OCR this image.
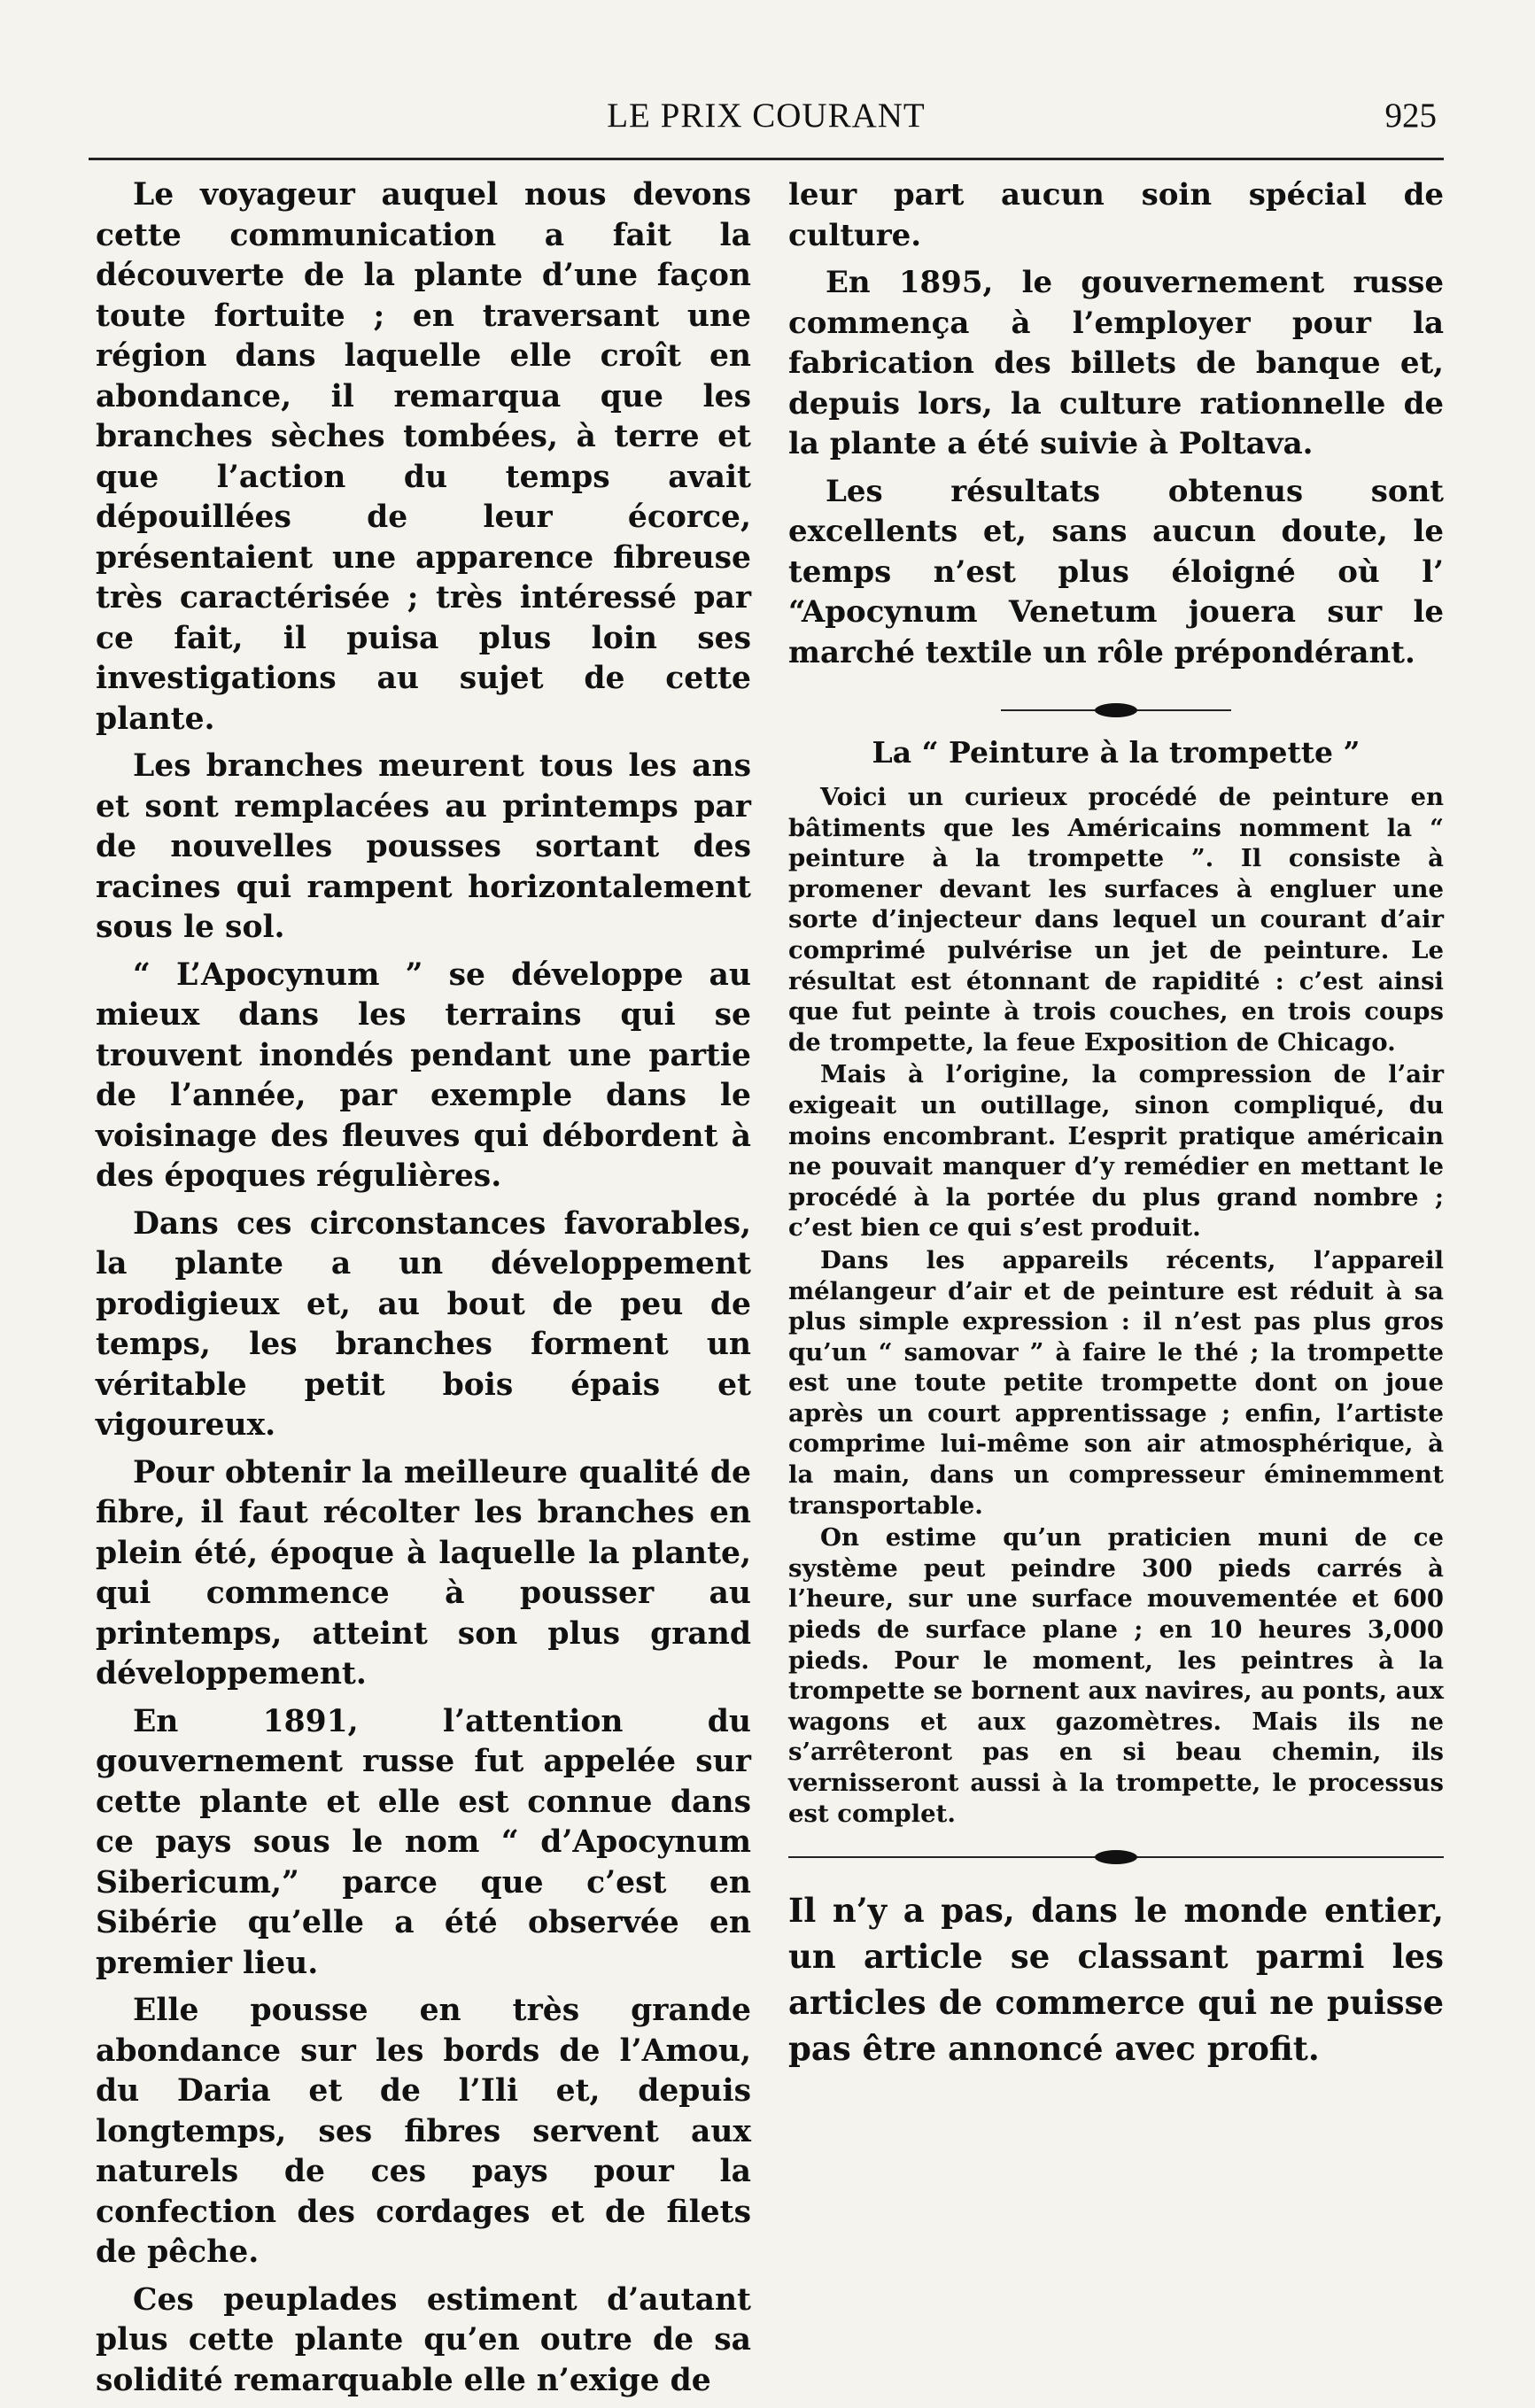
LE PRIX COURANT	925

Le voyageur auquel nous devons cette communication a fait la découverte de la plante d’une façon toute fortuite ; en traversant une région dans laquelle elle croît en abondance, il remarqua que les branches sèches tombées, à terre et que l’action du temps avait dépouillées de leur écorce, présentaient une apparence fibreuse très caractérisée ; très intéressé par ce fait, il puisa plus loin ses investigations au sujet de cette plante.

Les branches meurent tous les ans et sont remplacées au printemps par de nouvelles pousses sortant des racines qui rampent horizontalement sous le sol.

“ L’Apocynum ” se développe au mieux dans les terrains qui se trouvent inondés pendant une partie de l’année, par exemple dans le voisinage des fleuves qui débordent à des époques régulières.

Dans ces circonstances favorables, la plante a un développement prodigieux et, au bout de peu de temps, les branches forment un véritable petit bois épais et vigoureux.

Pour obtenir la meilleure qualité de fibre, il faut récolter les branches en plein été, époque à laquelle la plante, qui commence à pousser au printemps, atteint son plus grand développement.

En 1891, l’attention du gouvernement russe fut appelée sur cette plante et elle est connue dans ce pays sous le nom “ d’Apocynum Sibericum,” parce que c’est en Sibérie qu’elle a été observée en premier lieu.

Elle pousse en très grande abondance sur les bords de l’Amou, du Daria et de l’Ili et, depuis longtemps, ses fibres servent aux naturels de ces pays pour la confection des cordages et de filets de pêche.

Ces peuplades estiment d’autant plus cette plante qu’en outre de sa solidité remarquable elle n’exige de

leur part aucun soin spécial de culture.

En 1895, le gouvernement russe commença à l’employer pour la fabrication des billets de banque et, depuis lors, la culture rationnelle de la plante a été suivie à Poltava.

Les résultats obtenus sont excellents et, sans aucun doute, le temps n’est plus éloigné où l’ “Apocynum Venetum jouera sur le marché textile un rôle prépondérant.

La “ Peinture à la trompette ”

Voici un curieux procédé de peinture en bâtiments que les Américains nomment la “ peinture à la trompette ”. Il consiste à promener devant les surfaces à engluer une sorte d’injecteur dans lequel un courant d’air comprimé pulvérise un jet de peinture. Le résultat est étonnant de rapidité : c’est ainsi que fut peinte à trois couches, en trois coups de trompette, la feue Exposition de Chicago.

Mais à l’origine, la compression de l’air exigeait un outillage, sinon compliqué, du moins encombrant. L’esprit pratique américain ne pouvait manquer d’y remédier en mettant le procédé à la portée du plus grand nombre ; c’est bien ce qui s’est produit.

Dans les appareils récents, l’appareil mélangeur d’air et de peinture est réduit à sa plus simple expression : il n’est pas plus gros qu’un “ samovar ” à faire le thé ; la trompette est une toute petite trompette dont on joue après un court apprentissage ; enfin, l’artiste comprime lui-même son air atmosphérique, à la main, dans un compresseur éminemment transportable.

On estime qu’un praticien muni de ce système peut peindre 300 pieds carrés à l’heure, sur une surface mouvementée et 600 pieds de surface plane ; en 10 heures 3,000 pieds. Pour le moment, les peintres à la trompette se bornent aux navires, au ponts, aux wagons et aux gazomètres. Mais ils ne s’arrêteront pas en si beau chemin, ils vernisseront aussi à la trompette, le processus est complet.

Il n’y a pas, dans le monde entier, un article se classant parmi les articles de commerce qui ne puisse pas être annoncé avec profit.
